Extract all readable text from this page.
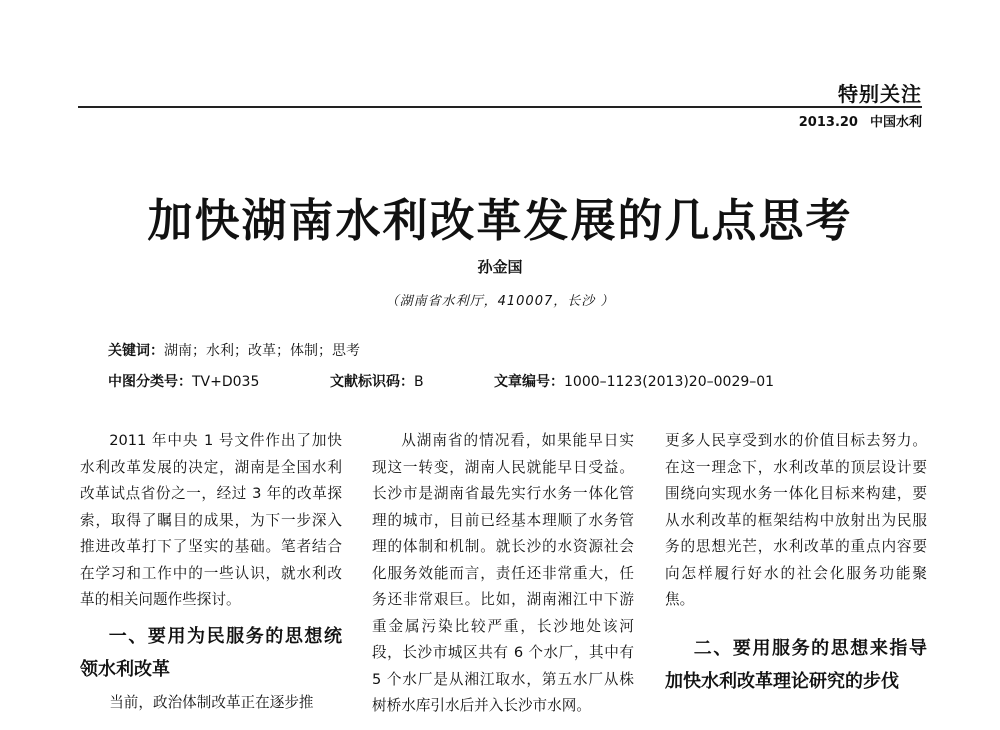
特别关注
2013.20 中国水利
加快湖南水利改革发展的几点思考
孙金国
（湖南省水利厅，410007，长沙 ）
关键词：湖南；水利；改革；体制；思考
中图分类号：TV+D035	文献标识码：B	文章编号：1000–1123(2013)20–0029–01

2011 年中央 1 号文件作出了加快水利改革发展的决定，湖南是全国水利改革试点省份之一，经过 3 年的改革探索，取得了瞩目的成果，为下一步深入推进改革打下了坚实的基础。笔者结合在学习和工作中的一些认识，就水利改革的相关问题作些探讨。

一、要用为民服务的思想统领水利改革

当前，政治体制改革正在逐步推

从湖南省的情况看，如果能早日实现这一转变，湖南人民就能早日受益。长沙市是湖南省最先实行水务一体化管理的城市，目前已经基本理顺了水务管理的体制和机制。就长沙的水资源社会化服务效能而言，责任还非常重大，任务还非常艰巨。比如，湖南湘江中下游重金属污染比较严重，长沙地处该河段，长沙市城区共有 6 个水厂，其中有 5 个水厂是从湘江取水，第五水厂从株树桥水库引水后并入长沙市水网。

更多人民享受到水的价值目标去努力。在这一理念下，水利改革的顶层设计要围绕向实现水务一体化目标来构建，要从水利改革的框架结构中放射出为民服务的思想光芒，水利改革的重点内容要向怎样履行好水的社会化服务功能聚焦。

二、要用服务的思想来指导加快水利改革理论研究的步伐
